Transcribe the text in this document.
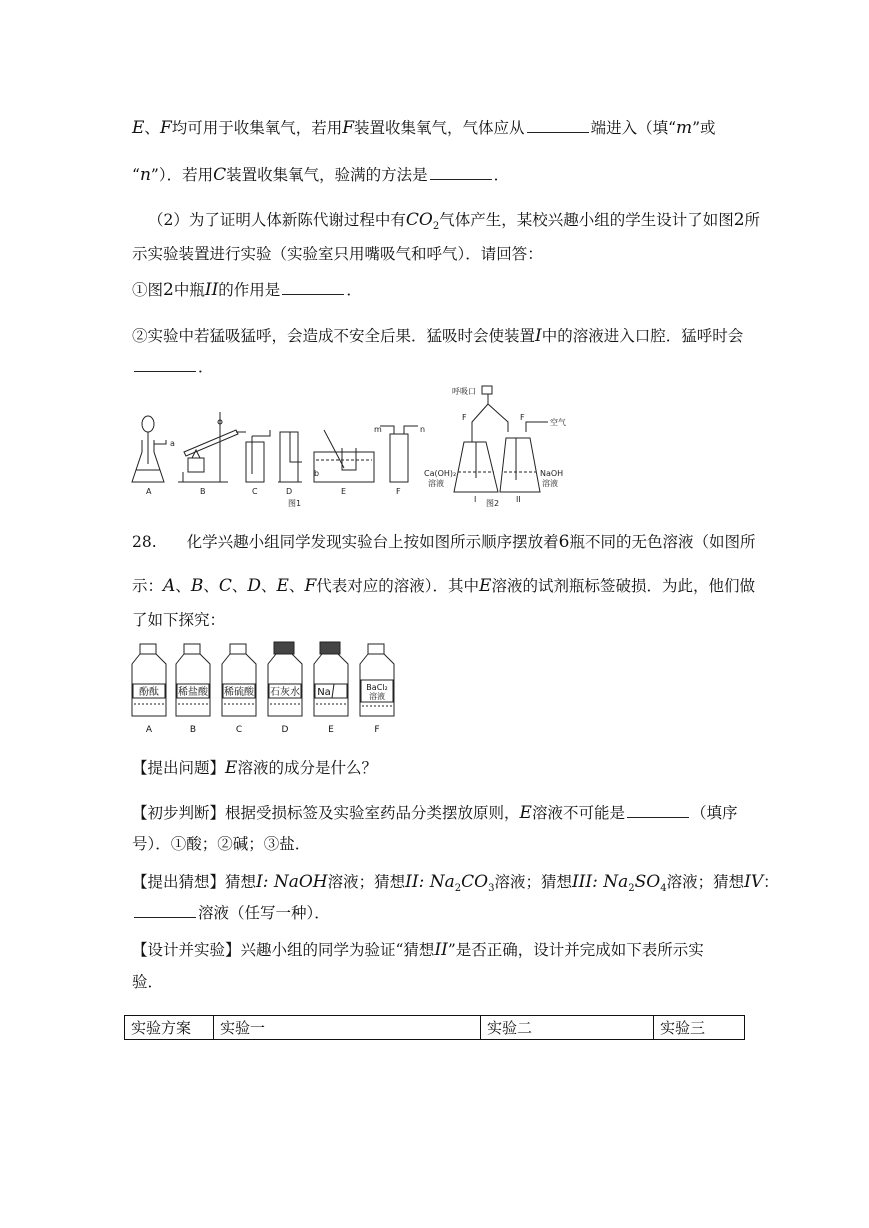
E、F均可用于收集氧气，若用F装置收集氧气，气体应从	端进入（填“m”或
“n”）．若用C装置收集氧气，验满的方法是	．
（2）为了证明人体新陈代谢过程中有$CO_2$气体产生，某校兴趣小组的学生设计了如图2所
示实验装置进行实验（实验室只用嘴吸气和呼气）．请回答：
①图2中瓶II的作用是	．
②实验中若猛吸猛呼，会造成不安全后果．猛吸时会使装置I中的溶液进入口腔．猛呼时会
．
A	B	C	D	E	F
a
b
m	n
图1
呼吸口
F	F
空气
Ca(OH)₂
溶液
NaOH
溶液
I	II
图2
28. 化学兴趣小组同学发现实验台上按如图所示顺序摆放着6瓶不同的无色溶液（如图所
示：A、B、C、D、E、F代表对应的溶液）．其中E溶液的试剂瓶标签破损．为此，他们做
了如下探究：
酚酞
A
稀盐酸
B
稀硫酸
C
石灰水
D
Na
E
BaCl₂
溶液
F
【提出问题】E溶液的成分是什么？
【初步判断】根据受损标签及实验室药品分类摆放原则，E溶液不可能是	（填序
号）．①酸；②碱；③盐．
【提出猜想】猜想I: NaOH溶液；猜想II: $Na_2CO_3$溶液；猜想III: $Na_2SO_4$溶液；猜想IV：
溶液（任写一种）．
【设计并实验】兴趣小组的同学为验证“猜想II”是否正确，设计并完成如下表所示实
验．
实验方案	实验一	实验二	实验三
